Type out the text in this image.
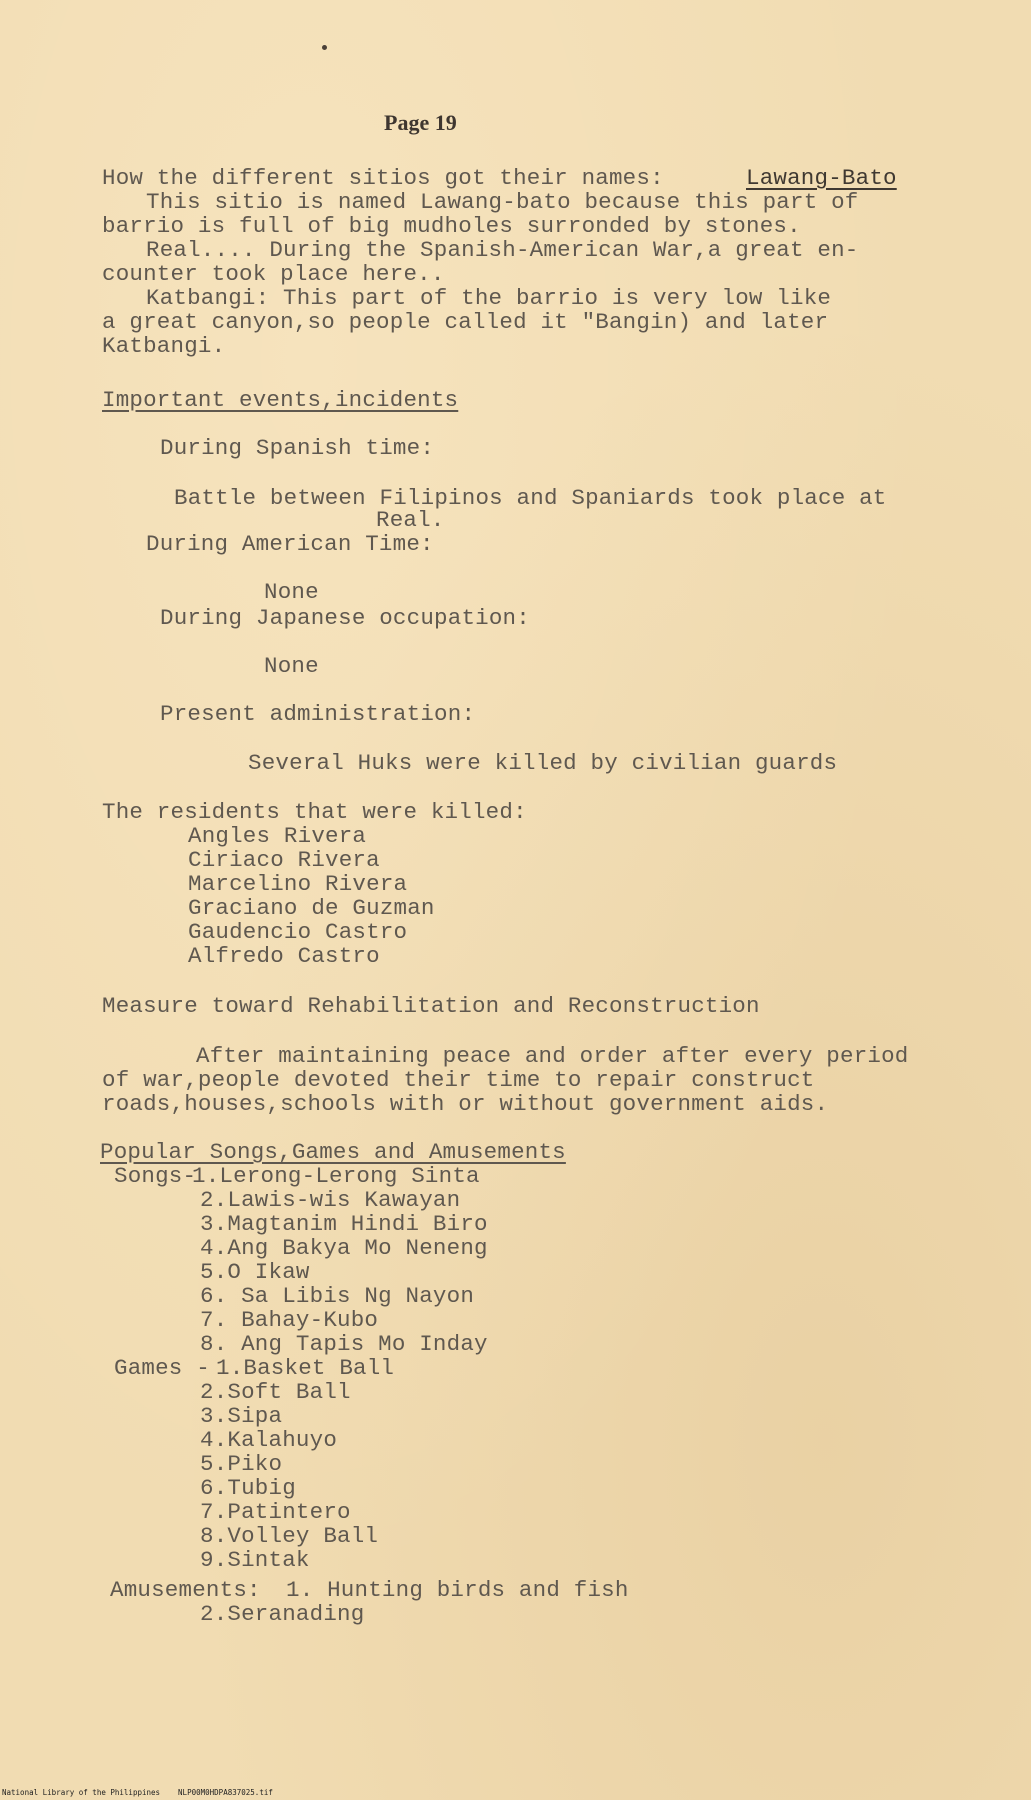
Page 19
How the different sitios got their names:	Lawang-Bato
This sitio is named Lawang-bato because this part of
barrio is full of big mudholes surronded by stones.
Real.... During the Spanish-American War,a great en-
counter took place here..
Katbangi: This part of the barrio is very low like
a great canyon,so people called it "Bangin) and later
Katbangi.
Important events,incidents
During Spanish time:
Battle between Filipinos and Spaniards took place at
Real.
During American Time:
None
During Japanese occupation:
None
Present administration:
Several Huks were killed by civilian guards
The residents that were killed:
Angles Rivera
Ciriaco Rivera
Marcelino Rivera
Graciano de Guzman
Gaudencio Castro
Alfredo Castro
Measure toward Rehabilitation and Reconstruction
After maintaining peace and order after every period
of war,people devoted their time to repair construct
roads,houses,schools with or without government aids.
Popular Songs,Games and Amusements
Songs-
1.Lerong-Lerong Sinta
2.Lawis-wis Kawayan
3.Magtanim Hindi Biro
4.Ang Bakya Mo Neneng
5.O Ikaw
6. Sa Libis Ng Nayon
7. Bahay-Kubo
8. Ang Tapis Mo Inday
Games - 1.Basket Ball
2.Soft Ball
3.Sipa
4.Kalahuyo
5.Piko
6.Tubig
7.Patintero
8.Volley Ball
9.Sintak
Amusements: 1. Hunting birds and fish
2.Seranading
National Library of the Philippines NLP00M0HDPA837025.tif
